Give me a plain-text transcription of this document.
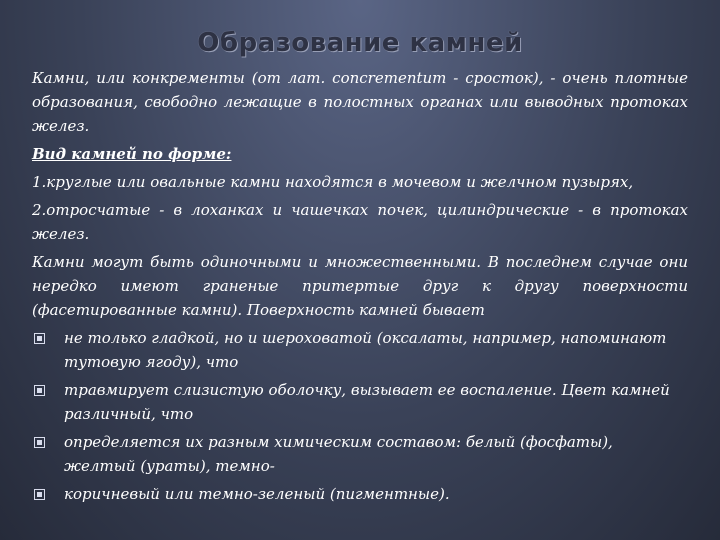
Образование камней

Камни, или конкременты (от лат. concrementum - сросток), - очень плотные образования, свободно лежащие в полостных органах или выводных протоках желез.

Вид камней по форме:

1.круглые или овальные камни находятся в мочевом и желчном пузырях,

2.отросчатые - в лоханках и чашечках почек, цилиндрические - в протоках желез.

Камни могут быть одиночными и множественными. В последнем случае они нередко имеют граненые притертые друг к другу поверхности (фасетированные камни). Поверхность камней бывает

не только гладкой, но и шероховатой (оксалаты, например, напоминают тутовую ягоду), что
травмирует слизистую оболочку, вызывает ее воспаление. Цвет камней различный, что
определяется их разным химическим составом: белый (фосфаты), желтый (ураты), темно-
коричневый или темно-зеленый (пигментные).
